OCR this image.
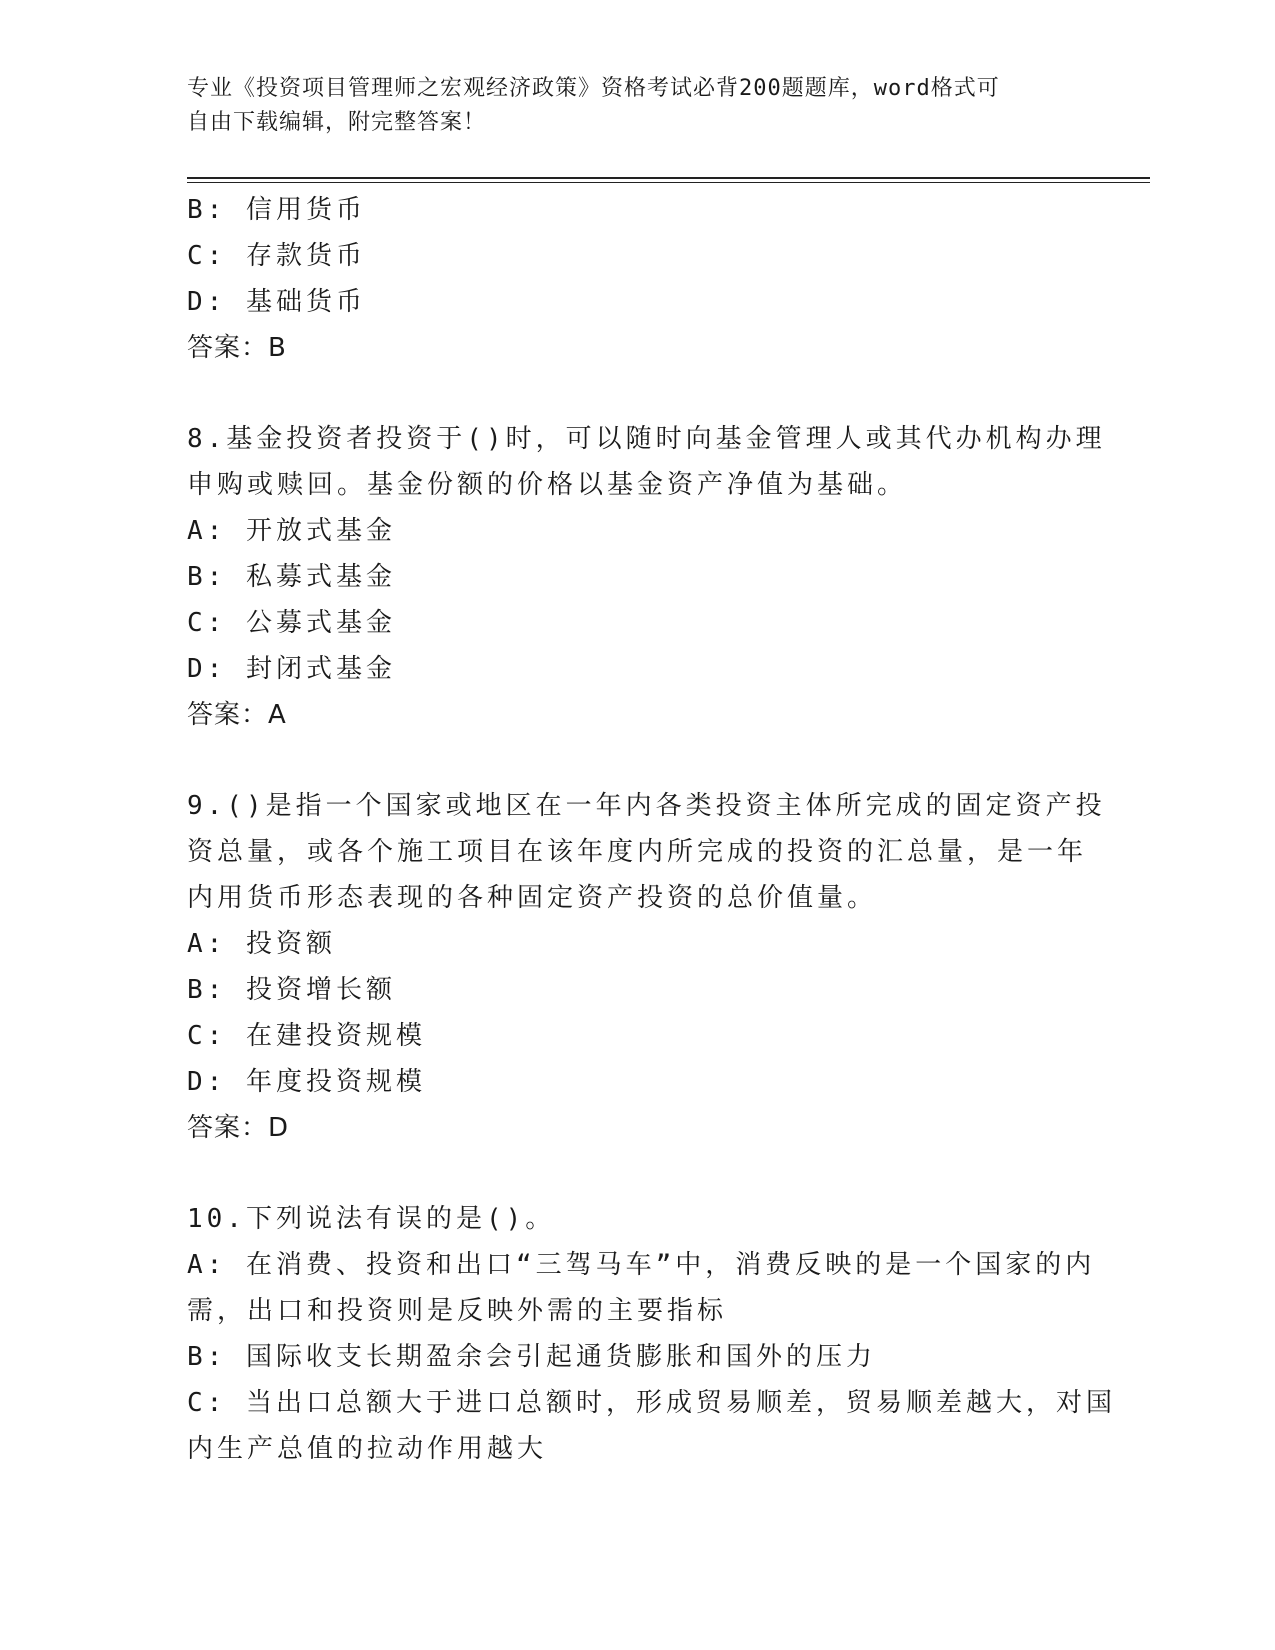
专业《投资项目管理师之宏观经济政策》资格考试必背200题题库，word格式可
自由下载编辑，附完整答案！
B: 信用货币
C: 存款货币
D: 基础货币
答案：B
8.基金投资者投资于()时，可以随时向基金管理人或其代办机构办理
申购或赎回。基金份额的价格以基金资产净值为基础。
A: 开放式基金
B: 私募式基金
C: 公募式基金
D: 封闭式基金
答案：A
9.()是指一个国家或地区在一年内各类投资主体所完成的固定资产投
资总量，或各个施工项目在该年度内所完成的投资的汇总量，是一年
内用货币形态表现的各种固定资产投资的总价值量。
A: 投资额
B: 投资增长额
C: 在建投资规模
D: 年度投资规模
答案：D
10.下列说法有误的是()。
A: 在消费、投资和出口“三驾马车”中，消费反映的是一个国家的内
需，出口和投资则是反映外需的主要指标
B: 国际收支长期盈余会引起通货膨胀和国外的压力
C: 当出口总额大于进口总额时，形成贸易顺差，贸易顺差越大，对国
内生产总值的拉动作用越大
